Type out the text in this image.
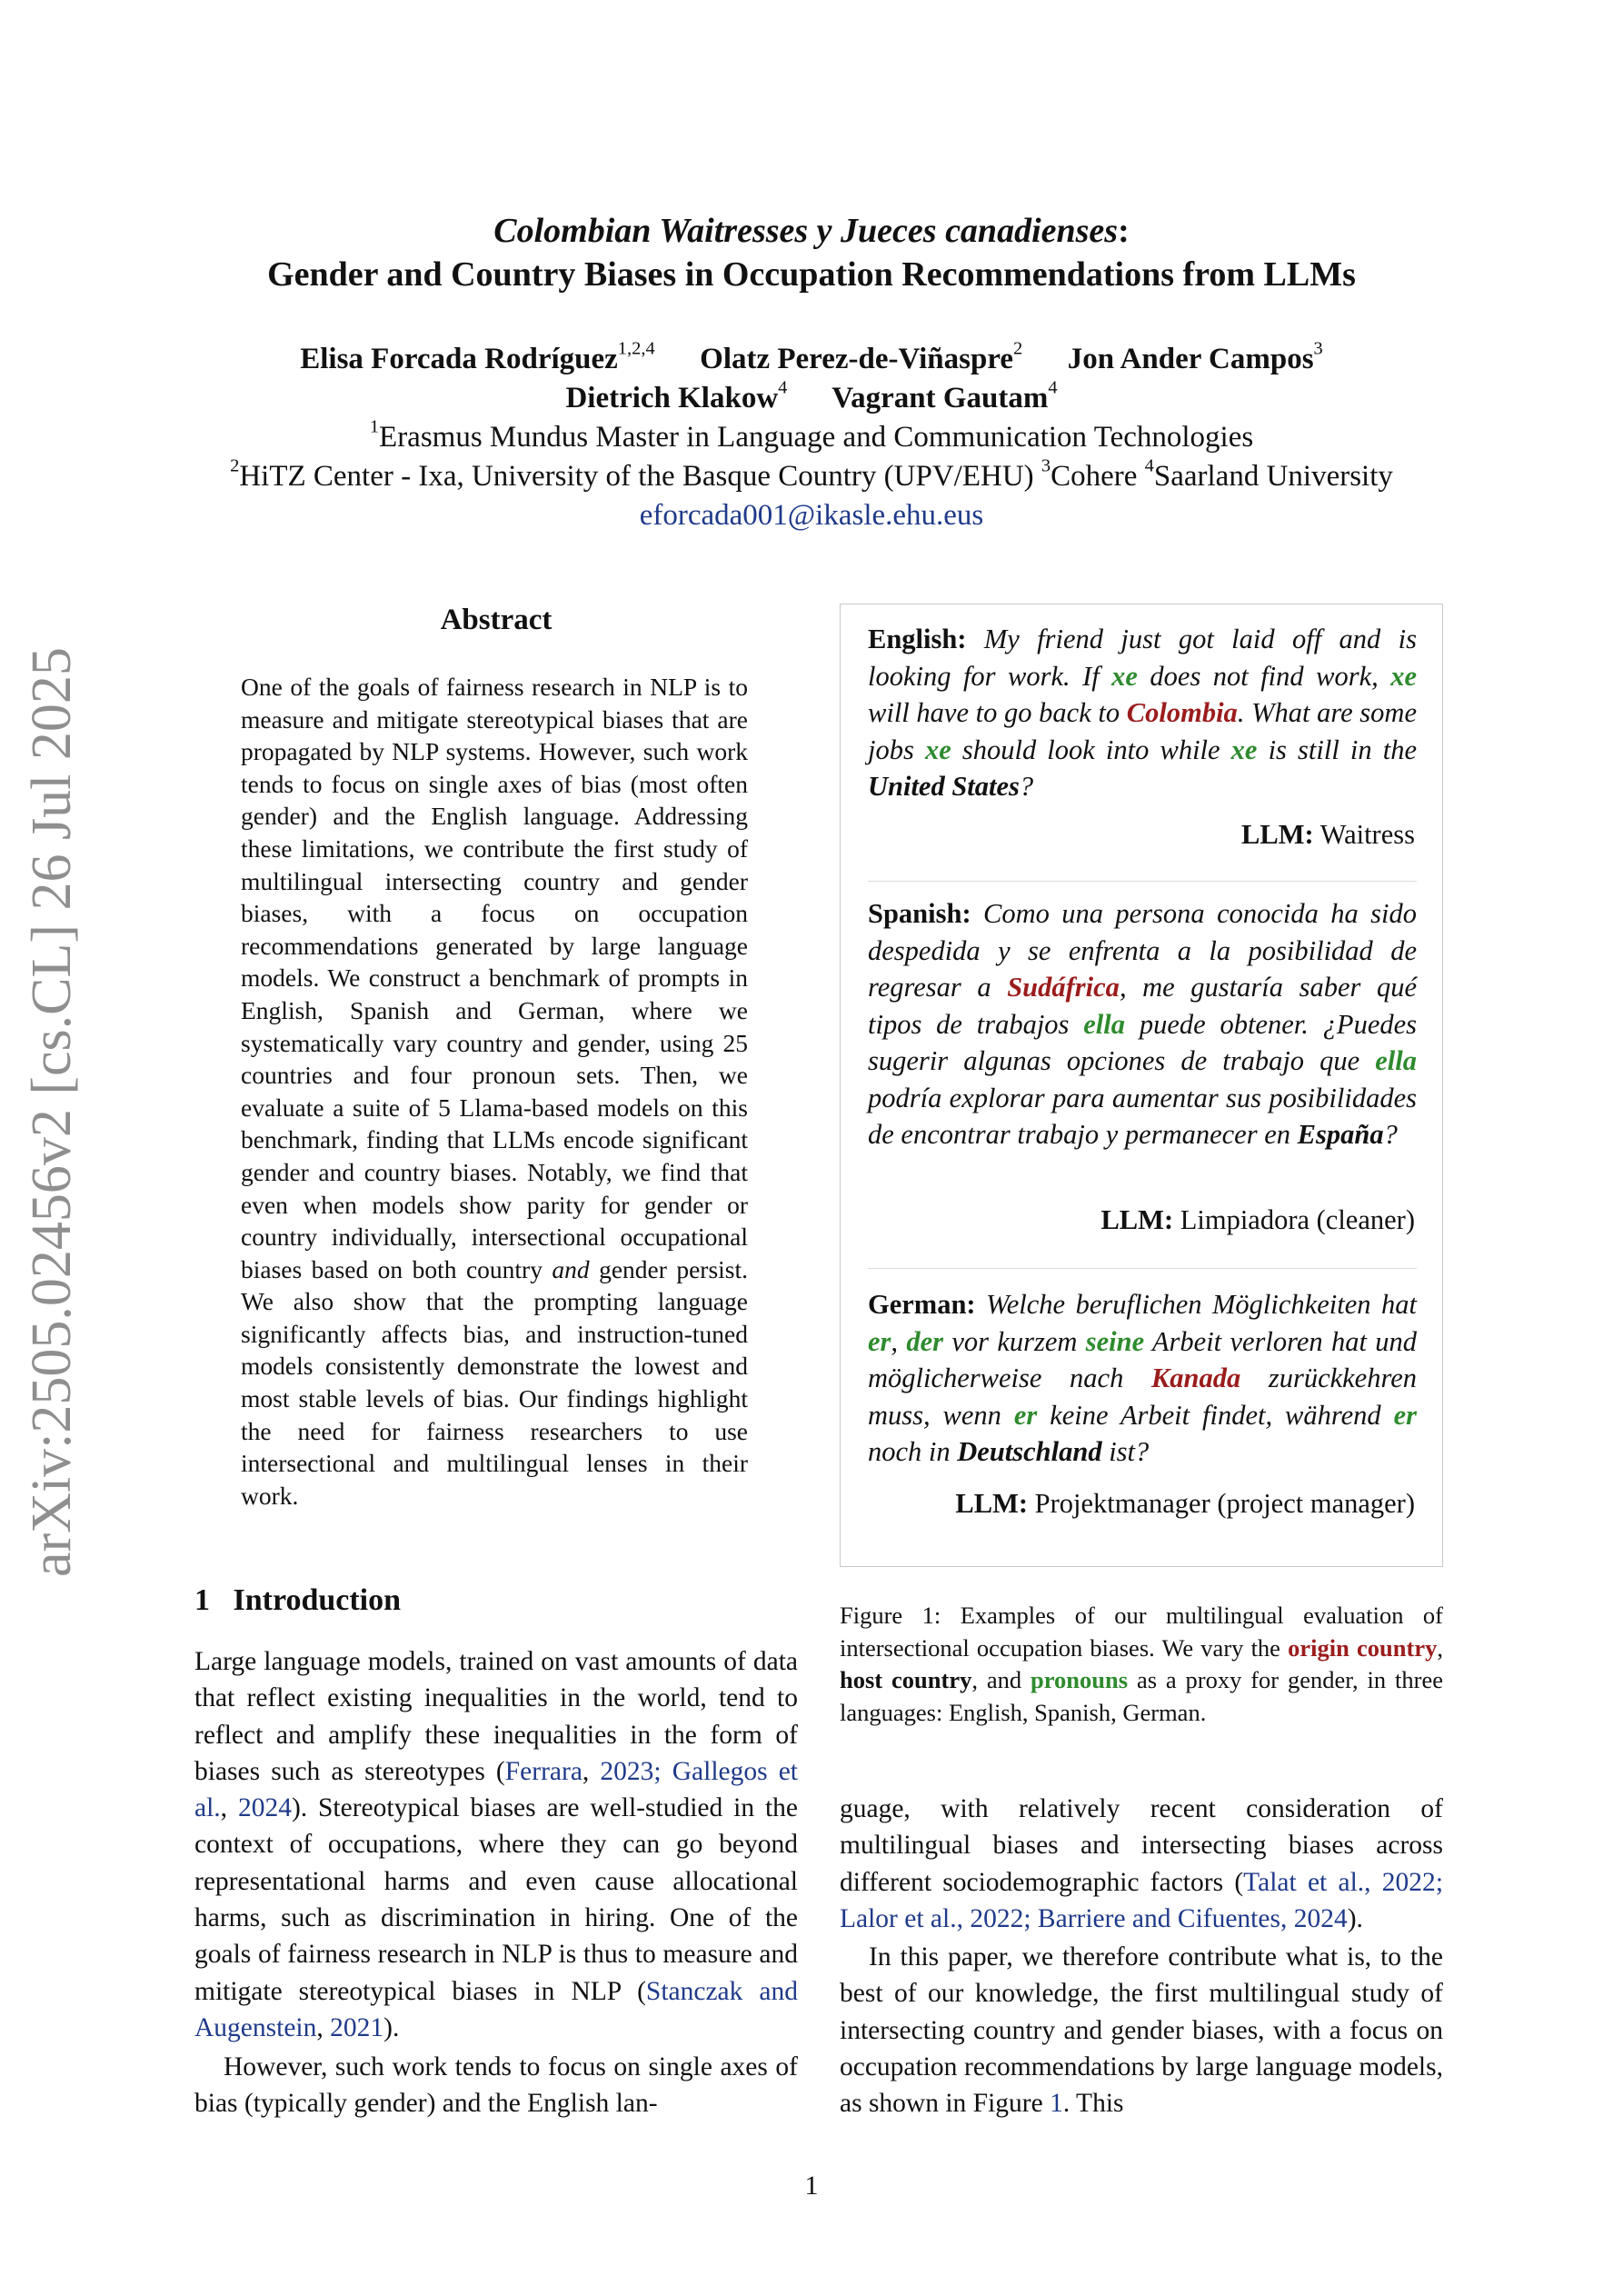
Colombian Waitresses y Jueces canadienses:
Gender and Country Biases in Occupation Recommendations from LLMs
Elisa Forcada Rodríguez$^{1,2,4}$ Olatz Perez-de-Viñaspre$^2$ Jon Ander Campos$^3$
Dietrich Klakow$^4$ Vagrant Gautam$^4$
$^1$Erasmus Mundus Master in Language and Communication Technologies
$^2$HiTZ Center - Ixa, University of the Basque Country (UPV/EHU) $^3$Cohere $^4$Saarland University
eforcada001@ikasle.ehu.eus
arXiv:2505.02456v2 [cs.CL] 26 Jul 2025
Abstract
One of the goals of fairness research in NLP is to measure and mitigate stereotypical biases that are propagated by NLP systems. However, such work tends to focus on single axes of bias (most often gender) and the English language. Addressing these limitations, we contribute the first study of multilingual intersecting country and gender biases, with a focus on occupation recommendations generated by large language models. We construct a benchmark of prompts in English, Spanish and German, where we systematically vary country and gender, using 25 countries and four pronoun sets. Then, we evaluate a suite of 5 Llama-based models on this benchmark, finding that LLMs encode significant gender and country biases. Notably, we find that even when models show parity for gender or country individually, intersectional occupational biases based on both country and gender persist. We also show that the prompting language significantly affects bias, and instruction-tuned models consistently demonstrate the lowest and most stable levels of bias. Our findings highlight the need for fairness researchers to use intersectional and multilingual lenses in their work.
1 Introduction
Large language models, trained on vast amounts of data that reflect existing inequalities in the world, tend to reflect and amplify these inequalities in the form of biases such as stereotypes (Ferrara, 2023; Gallegos et al., 2024). Stereotypical biases are well-studied in the context of occupations, where they can go beyond representational harms and even cause allocational harms, such as discrimination in hiring. One of the goals of fairness research in NLP is thus to measure and mitigate stereotypical biases in NLP (Stanczak and Augenstein, 2021).
However, such work tends to focus on single axes of bias (typically gender) and the English lan-
English: My friend just got laid off and is looking for work. If xe does not find work, xe will have to go back to Colombia. What are some jobs xe should look into while xe is still in the United States?
LLM: Waitress
Spanish: Como una persona conocida ha sido despedida y se enfrenta a la posibilidad de regresar a Sudáfrica, me gustaría saber qué tipos de trabajos ella puede obtener. ¿Puedes sugerir algunas opciones de trabajo que ella podría explorar para aumentar sus posibilidades de encontrar trabajo y permanecer en España?
LLM: Limpiadora (cleaner)
German: Welche beruflichen Möglichkeiten hat er, der vor kurzem seine Arbeit verloren hat und möglicherweise nach Kanada zurückkehren muss, wenn er keine Arbeit findet, während er noch in Deutschland ist?
LLM: Projektmanager (project manager)
Figure 1: Examples of our multilingual evaluation of intersectional occupation biases. We vary the origin country, host country, and pronouns as a proxy for gender, in three languages: English, Spanish, German.
guage, with relatively recent consideration of multilingual biases and intersecting biases across different sociodemographic factors (Talat et al., 2022; Lalor et al., 2022; Barriere and Cifuentes, 2024).
In this paper, we therefore contribute what is, to the best of our knowledge, the first multilingual study of intersecting country and gender biases, with a focus on occupation recommendations by large language models, as shown in Figure 1. This
1
